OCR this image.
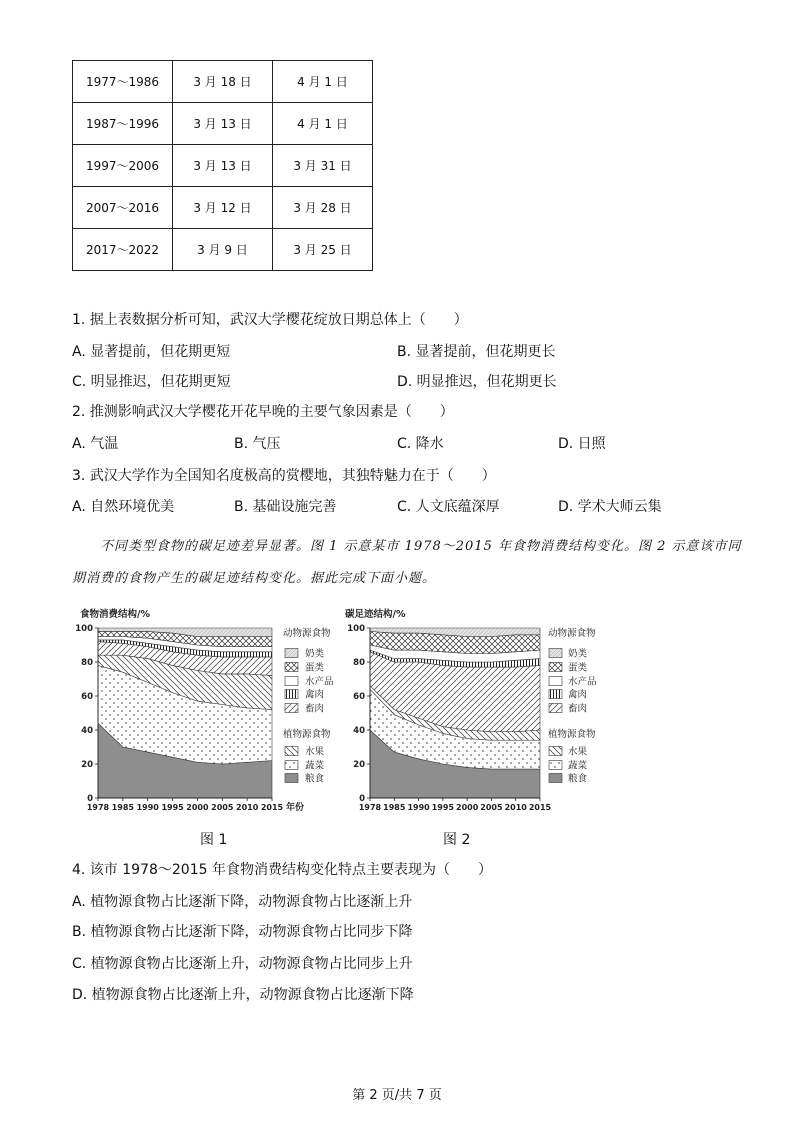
1977～1986	3 月 18 日	4 月 1 日
1987～1996	3 月 13 日	4 月 1 日
1997～2006	3 月 13 日	3 月 31 日
2007～2016	3 月 12 日	3 月 28 日
2017～2022	3 月 9 日	3 月 25 日
1. 据上表数据分析可知，武汉大学樱花绽放日期总体上（　　）
A. 显著提前，但花期更短	B. 显著提前，但花期更长
C. 明显推迟，但花期更短	D. 明显推迟，但花期更长
2. 推测影响武汉大学樱花开花早晚的主要气象因素是（　　）
A. 气温	B. 气压	C. 降水	D. 日照
3. 武汉大学作为全国知名度极高的赏樱地，其独特魅力在于（　　）
A. 自然环境优美	B. 基础设施完善	C. 人文底蕴深厚	D. 学术大师云集
不同类型食物的碳足迹差异显著。图 1 示意某市 1978～2015 年食物消费结构变化。图 2 示意该市同
期消费的食物产生的碳足迹结构变化。据此完成下面小题。
0
20
40
60
80
100
1978 1985 1990 1995 2000 2005 2010 2015 年份
食物消费结构/%
动物源食物
奶类
蛋类
水产品
禽肉
畜肉
植物源食物
水果
蔬菜
粮食
0
20
40
60
80
100
1978 1985 1990 1995 2000 2005 2010 2015
碳足迹结构/%
动物源食物
奶类
蛋类
水产品
禽肉
畜肉
植物源食物
水果
蔬菜
粮食
图 1	图 2
4. 该市 1978～2015 年食物消费结构变化特点主要表现为（　　）
A. 植物源食物占比逐渐下降，动物源食物占比逐渐上升
B. 植物源食物占比逐渐下降，动物源食物占比同步下降
C. 植物源食物占比逐渐上升，动物源食物占比同步上升
D. 植物源食物占比逐渐上升，动物源食物占比逐渐下降
第 2 页/共 7 页
